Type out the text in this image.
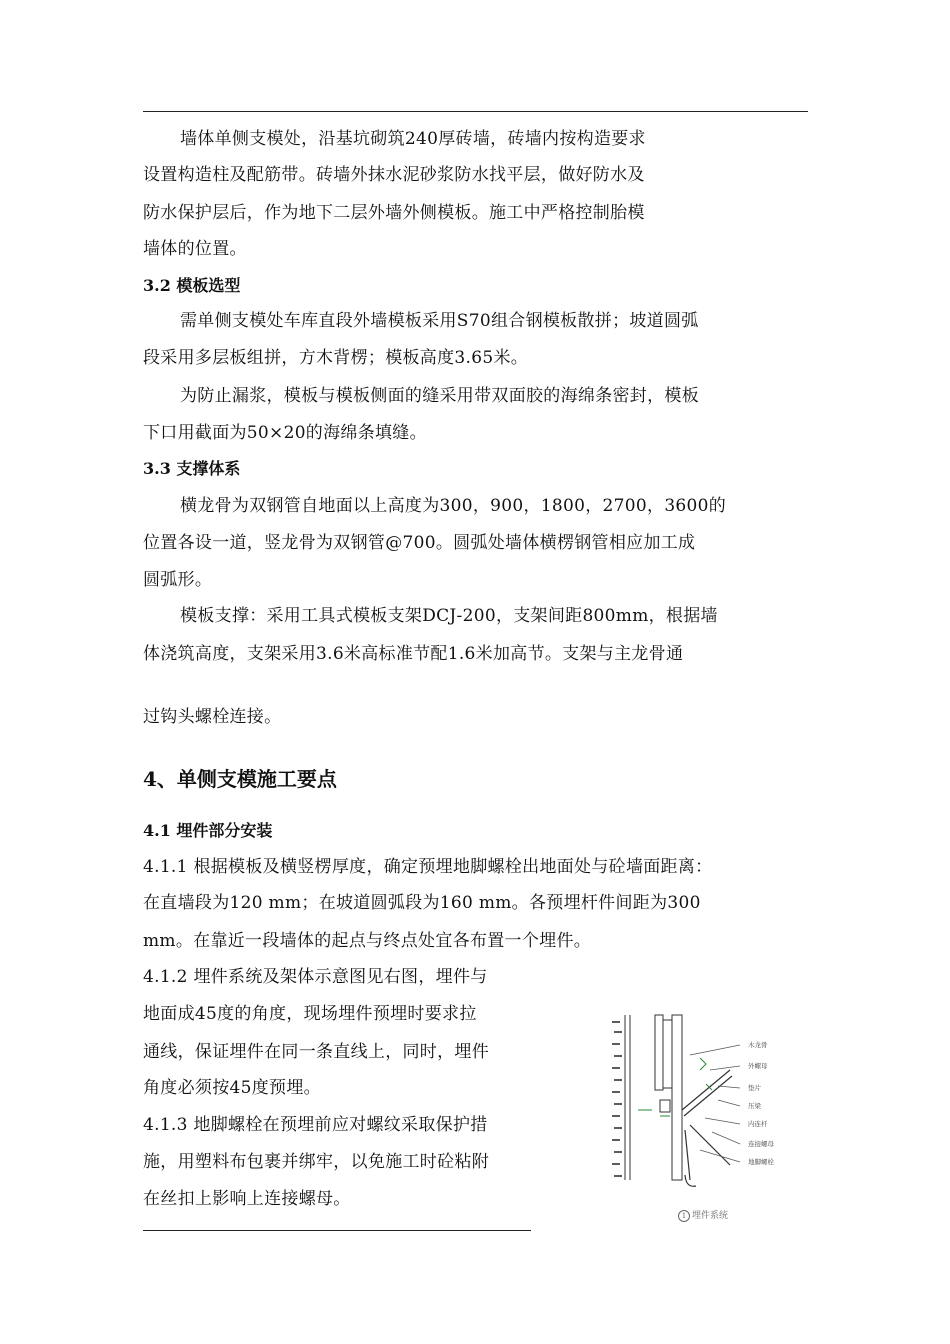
墙体单侧支模处，沿基坑砌筑240厚砖墙，砖墙内按构造要求
设置构造柱及配筋带。砖墙外抹水泥砂浆防水找平层，做好防水及
防水保护层后，作为地下二层外墙外侧模板。施工中严格控制胎模
墙体的位置。
3.2 模板选型
需单侧支模处车库直段外墙模板采用S70组合钢模板散拼；坡道圆弧
段采用多层板组拼，方木背楞；模板高度3.65米。
为防止漏浆，模板与模板侧面的缝采用带双面胶的海绵条密封，模板
下口用截面为50×20的海绵条填缝。
3.3 支撑体系
横龙骨为双钢管自地面以上高度为300，900，1800，2700，3600的
位置各设一道，竖龙骨为双钢管@700。圆弧处墙体横楞钢管相应加工成
圆弧形。
模板支撑：采用工具式模板支架DCJ-200，支架间距800mm，根据墙
体浇筑高度，支架采用3.6米高标准节配1.6米加高节。支架与主龙骨通
过钩头螺栓连接。
4、单侧支模施工要点
4.1 埋件部分安装
4.1.1 根据模板及横竖楞厚度，确定预埋地脚螺栓出地面处与砼墙面距离：
在直墙段为120 mm；在坡道圆弧段为160 mm。各预埋杆件间距为300
mm。在靠近一段墙体的起点与终点处宜各布置一个埋件。
4.1.2 埋件系统及架体示意图见右图，埋件与
地面成45度的角度，现场埋件预埋时要求拉
通线，保证埋件在同一条直线上，同时，埋件
角度必须按45度预埋。
4.1.3 地脚螺栓在预埋前应对螺纹采取保护措
施，用塑料布包裹并绑牢，以免施工时砼粘附
在丝扣上影响上连接螺母。
木龙骨
外螺母
垫片
压梁
内连杆
连接螺母
地脚螺栓
1 埋件系统
